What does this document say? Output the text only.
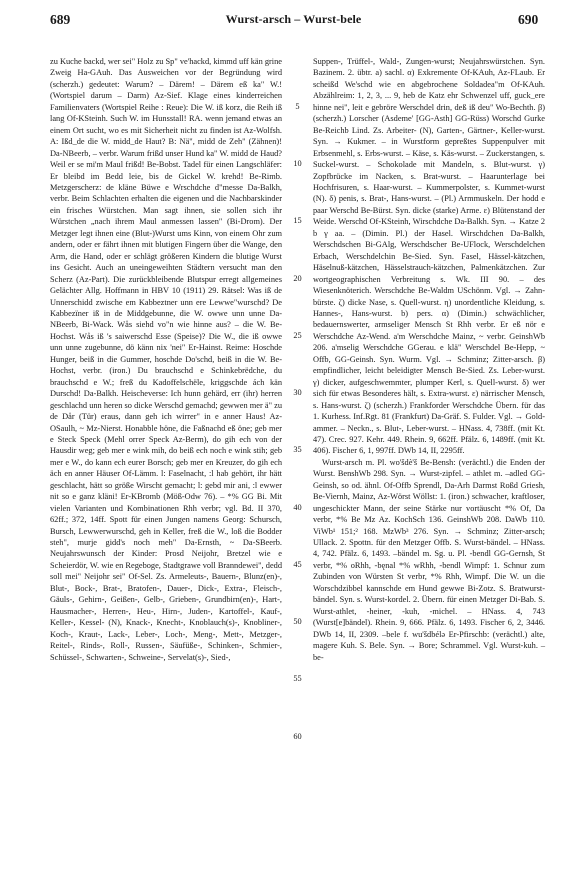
689	Wurst-arsch – Wurst-bele	690

zu Kuche backd, wer sei" Holz zu Sp" ve'hackd, kimmd uff kän grine Zweig Ha-GAuh. Das Ausweichen vor der Begründung wird (scherzh.) gedeutet: Warum? – Därem! – Därem eß ka" W.! (Wortspiel darum – Darm) Az-Sief. Klage eines kinderreichen Familienvaters (Wortspiel Reihe : Reue): Die W. iß korz, die Reih iß lang Of-KSteinh. Such W. im Hunsstall! RA. wenn jemand etwas an einem Ort sucht, wo es mit Sicherheit nicht zu finden ist Az-Wolfsh. A: Ißd_de die W. midd_de Haut? B: Nä", midd de Zeh" (Zähnen)! Da-NBeerb, – verbr. Warum frißd unser Hund ka" W. midd de Haud? Weil er se mi'm Maul frißd! Be-Bobst. Tadel für einen Langschläfer: Er bleibd im Bedd leie, bis de Gickel W. krehd! Be-Rimb. Metzgerscherz: de kläne Büwe e Wrschdche d"messe Da-Balkh, verbr. Beim Schlachten erhalten die eigenen und die Nachbarskinder ein frisches Würstchen. Man sagt ihnen, sie sollen sich ihr Würstchen „nach ihrem Maul anmessen lassen" (Bi-Drom). Der Metzger legt ihnen eine (Blut-)Wurst ums Kinn, von einem Ohr zum andern, oder er fährt ihnen mit blutigen Fingern über die Wange, den Arm, die Hand, oder er schlägt größeren Kindern die blutige Wurst ins Gesicht. Auch an uneingeweihten Städtern versucht man den Scherz (Az-Part). Die zurückbleibende Blutspur erregt allgemeines Gelächter Allg. Hoffmann in HBV 10 (1911) 29. Rätsel: Was iß de Unnerschidd zwische em Kabbeztner unn ere Lewwe"wurschd? De Kabbezïner iß in de Middgebunne, die W. owwe unn unne Da-NBeerb, Bi-Wack. Wås siehd vo"n wie hinne aus? – die W. Be-Hochst. Wås iß 's saiwerschd Esse (Speise)? Die W., die iß owwe unn unne zugebunne, dö känn nix 'nei" Er-Hainst. Reime: Hoschde Hunger, beiß in die Gummer, hoschde Do'schd, beiß in die W. Be-Hochst, verbr. (iron.) Du brauchschd e Schinkebrëdche, du brauchschd e W.; freß du Kadoffelschële, kriggschde ách kän Durschd! Da-Balkh. Heischeverse: Ich hunn gehärd, err (ihr) herren geschlachd unn heren so dicke Werschd gemachd; gewwen mer ä" zu de Dår (Tür) eraus, dann geh ich wirrer" in e anner Haus! Az-OSaulh, ~ Mz-Nierst. Honabble höne, die Faßnachd eß öne; geb mer e Steck Speck (Mehl orrer Speck Az-Berm), do gih ech von der Hausdir weg; geb mer e wink mih, do beiß ech noch e wink stih; geb mer e W., do kann ech eurer Borsch; geb mer en Kreuzer, do gih ech äch en anner Häuser Of-Lämm. l: Faselnacht, :l hab gehört, ihr hätt geschlacht, hätt so größe Wirscht gemacht; l: gebd mir ani, :l ewwer nit so e ganz kläni! Er-KBromb (Möß-Odw 76). – *% GG Bi. Mit vielen Varianten und Kombinationen Rhh verbr; vgl. Bd. II 370, 62ff.; 372, 14ff. Spott für einen Jungen namens Georg: Schursch, Bursch, Lewwerwurschd, geh in Keller, freß die W., loß die Bodder steh", murje gidd's noch meh" Da-Ernsth, ~ Da-SBeerb. Neujahrswunsch der Kinder: Prosd Neijohr, Bretzel wie e Scheierdör, W. wie en Regeboge, Stadtgrawe voll Branndewei", dedd soll mei" Neijohr sei" Of-Sel. Zs. Armeleuts-, Bauern-, Blunz(en)-, Blut-, Bock-, Brat-, Bratofen-, Dauer-, Dick-, Extra-, Fleisch-, Gäuls-, Gehirn-, Geißen-, Gelb-, Grieben-, Grundbirn(en)-, Hart-, Hausmacher-, Herren-, Heu-, Hirn-, Juden-, Kartoffel-, Kauf-, Keller-, Kessel- (N), Knack-, Knecht-, Knoblauch(s)-, Knobliner-, Koch-, Kraut-, Lack-, Leber-, Loch-, Meng-, Mett-, Metzger-, Reitel-, Rinds-, Roll-, Russen-, Säufüße-, Schinken-, Schmier-, Schüssel-, Schwarten-, Schweine-, Servelat(s)-, Sied-,

5
10
15
20
25
30
35
40
45
50
55
60

Suppen-, Trüffel-, Wald-, Zungen-wurst; Neujahrswürstchen. Syn. Bazinem. 2. übtr. a) sachl. α) Exkremente Of-KAuh, Az-FLaub. Er scheißd We'schd wie en abgebrochene Soldadea"m Of-KAuh. Abzählreim: 1, 2, 3, ... 9, heb de Katz ehr Schwenzel uff, guck_ere hinne nei", leit e gebröre Werschdel drin, deß iß deu" Wo-Bechth. β) (scherzh.) Lorscher (Asdeme' [GG-Asth] GG-Rüss) Worschd Gurke Be-Reichb Lind. Zs. Arbeiter- (N), Garten-, Gärtner-, Keller-wurst. Syn. → Kukmer. – in Wurstform gepreßtes Suppenpulver mit Erbsenmehl, s. Erbs-wurst. – Käse, s. Käs-wurst. – Zuckerstangen, s. Suckel-wurst. – Schokolade mit Mandeln, s. Blut-wurst. γ) Zopfbrücke im Nacken, s. Brat-wurst. – Haarunterlage bei Hochfrisuren, s. Haar-wurst. – Kummerpolster, s. Kummet-wurst (N). δ) penis, s. Brat-, Hans-wurst. – (Pl.) Armmuskeln. Der hodd e paar Werschd Be-Bürst. Syn. dicke (starke) Arme. ε) Blütenstand der Weide. Werschd Of-KSteinh, Wirschdche Da-Balkh. Syn. → Katze 2 b γ aa. – (Dimin. Pl.) der Hasel. Wirschdchen Da-Balkh, Werschdschen Bi-GAlg, Werschdscher Be-UFlock, Werschdelchen Erbach, Werschdelchin Be-Sied. Syn. Fasel, Hässel-kätzchen, Häselnuß-kätzchen, Hässelstrauch-kätzchen, Palmenkätzchen. Zur wortgeographischen Verbreitung s. Wk. III 90. – des Wiesenknöterich. Werschdche Be-Waldm USchönm. Vgl. → Zahn-bürste. ζ) dicke Nase, s. Quell-wurst. η) unordentliche Kleidung, s. Hannes-, Hans-wurst. b) pers. α) (Dimin.) schwächlicher, bedauernswerter, armseliger Mensch St Rhh verbr. Er eß nör e Werschdche Az-Wend. a'm Werschdche Mainz, ~ verbr. GeinshWb 206. a'mselig Werschdche GGerau. e klä" Werschdel Be-Hepp, ~ Offb, GG-Geinsh. Syn. Wurm. Vgl. → Schminz; Zitter-arsch. β) empfindlicher, leicht beleidigter Mensch Be-Sied. Zs. Leber-wurst. γ) dicker, aufgeschwemmter, plumper Kerl, s. Quell-wurst. δ) wer sich für etwas Besonderes hält, s. Extra-wurst. ε) närrischer Mensch, s. Hans-wurst. ζ) (scherzh.) Frankforder Werschdche Übern. für das 1. Kurhess. Inf.Rgt. 81 (Frankfurt) Da-Gräf. S. Fulder. Vgl. → Gold-ammer. – Neckn., s. Blut-, Leber-wurst. – HNass. 4, 738ff. (mit Kt. 47). Crec. 927. Kehr. 449. Rhein. 9, 662ff. Pfälz. 6, 1489ff. (mit Kt. 406). Fischer 6, 1, 997ff. DWb 14, II, 2295ff.

Wurst-arsch m. Pl. wo'šdè'š Be-Bensh: (verächtl.) die Enden der Wurst. BenshWb 298. Syn. → Wurst-zipfel. – athlet m. –adled GG-Geinsh, so od. ähnl. Of-Offb Sprendl, Da-Arh Darmst Roßd Griesh, Be-Viernh, Mainz, Az-Wörst Wöllst: 1. (iron.) schwacher, kraftloser, ungeschickter Mann, der seine Stärke nur vortäuscht *% Of, Da verbr, *% Be Mz Az. KochSch 136. GeinshWb 208. DaWb 110. ViWb¹ 151;² 168. MzWb³ 276. Syn. → Schminz; Zitter-arsch; Ullack. 2. Spottn. für den Metzger Offb. S. Wurst-bändel. – HNass. 4, 742. Pfälz. 6, 1493. –bändel m. Sg. u. Pl. -bendl GG-Gernsh, St verbr, *% oRhh, -bęnal *% wRhh, -bendl Wimpf: 1. Schnur zum Zubinden von Würsten St verbr, *% Rhh, Wimpf. Die W. un die Worschdzibbel kannschde em Hund gewwe Bi-Zotz. S. Bratwurst-bändel. Syn. s. Wurst-kordel. 2. Übern. für einen Metzger Di-Bab. S. Wurst-athlet, -heiner, -kuh, -michel. – HNass. 4, 743 (Wurst[e]bändel). Rhein. 9, 666. Pfälz. 6, 1493. Fischer 6, 2, 3446. DWb 14, II, 2309. –bele f. wu'šdbélə Er-Pfirschb: (verächtl.) alte, magere Kuh. S. Bele. Syn. → Bore; Schrammel. Vgl. Wurst-kuh. – be-
